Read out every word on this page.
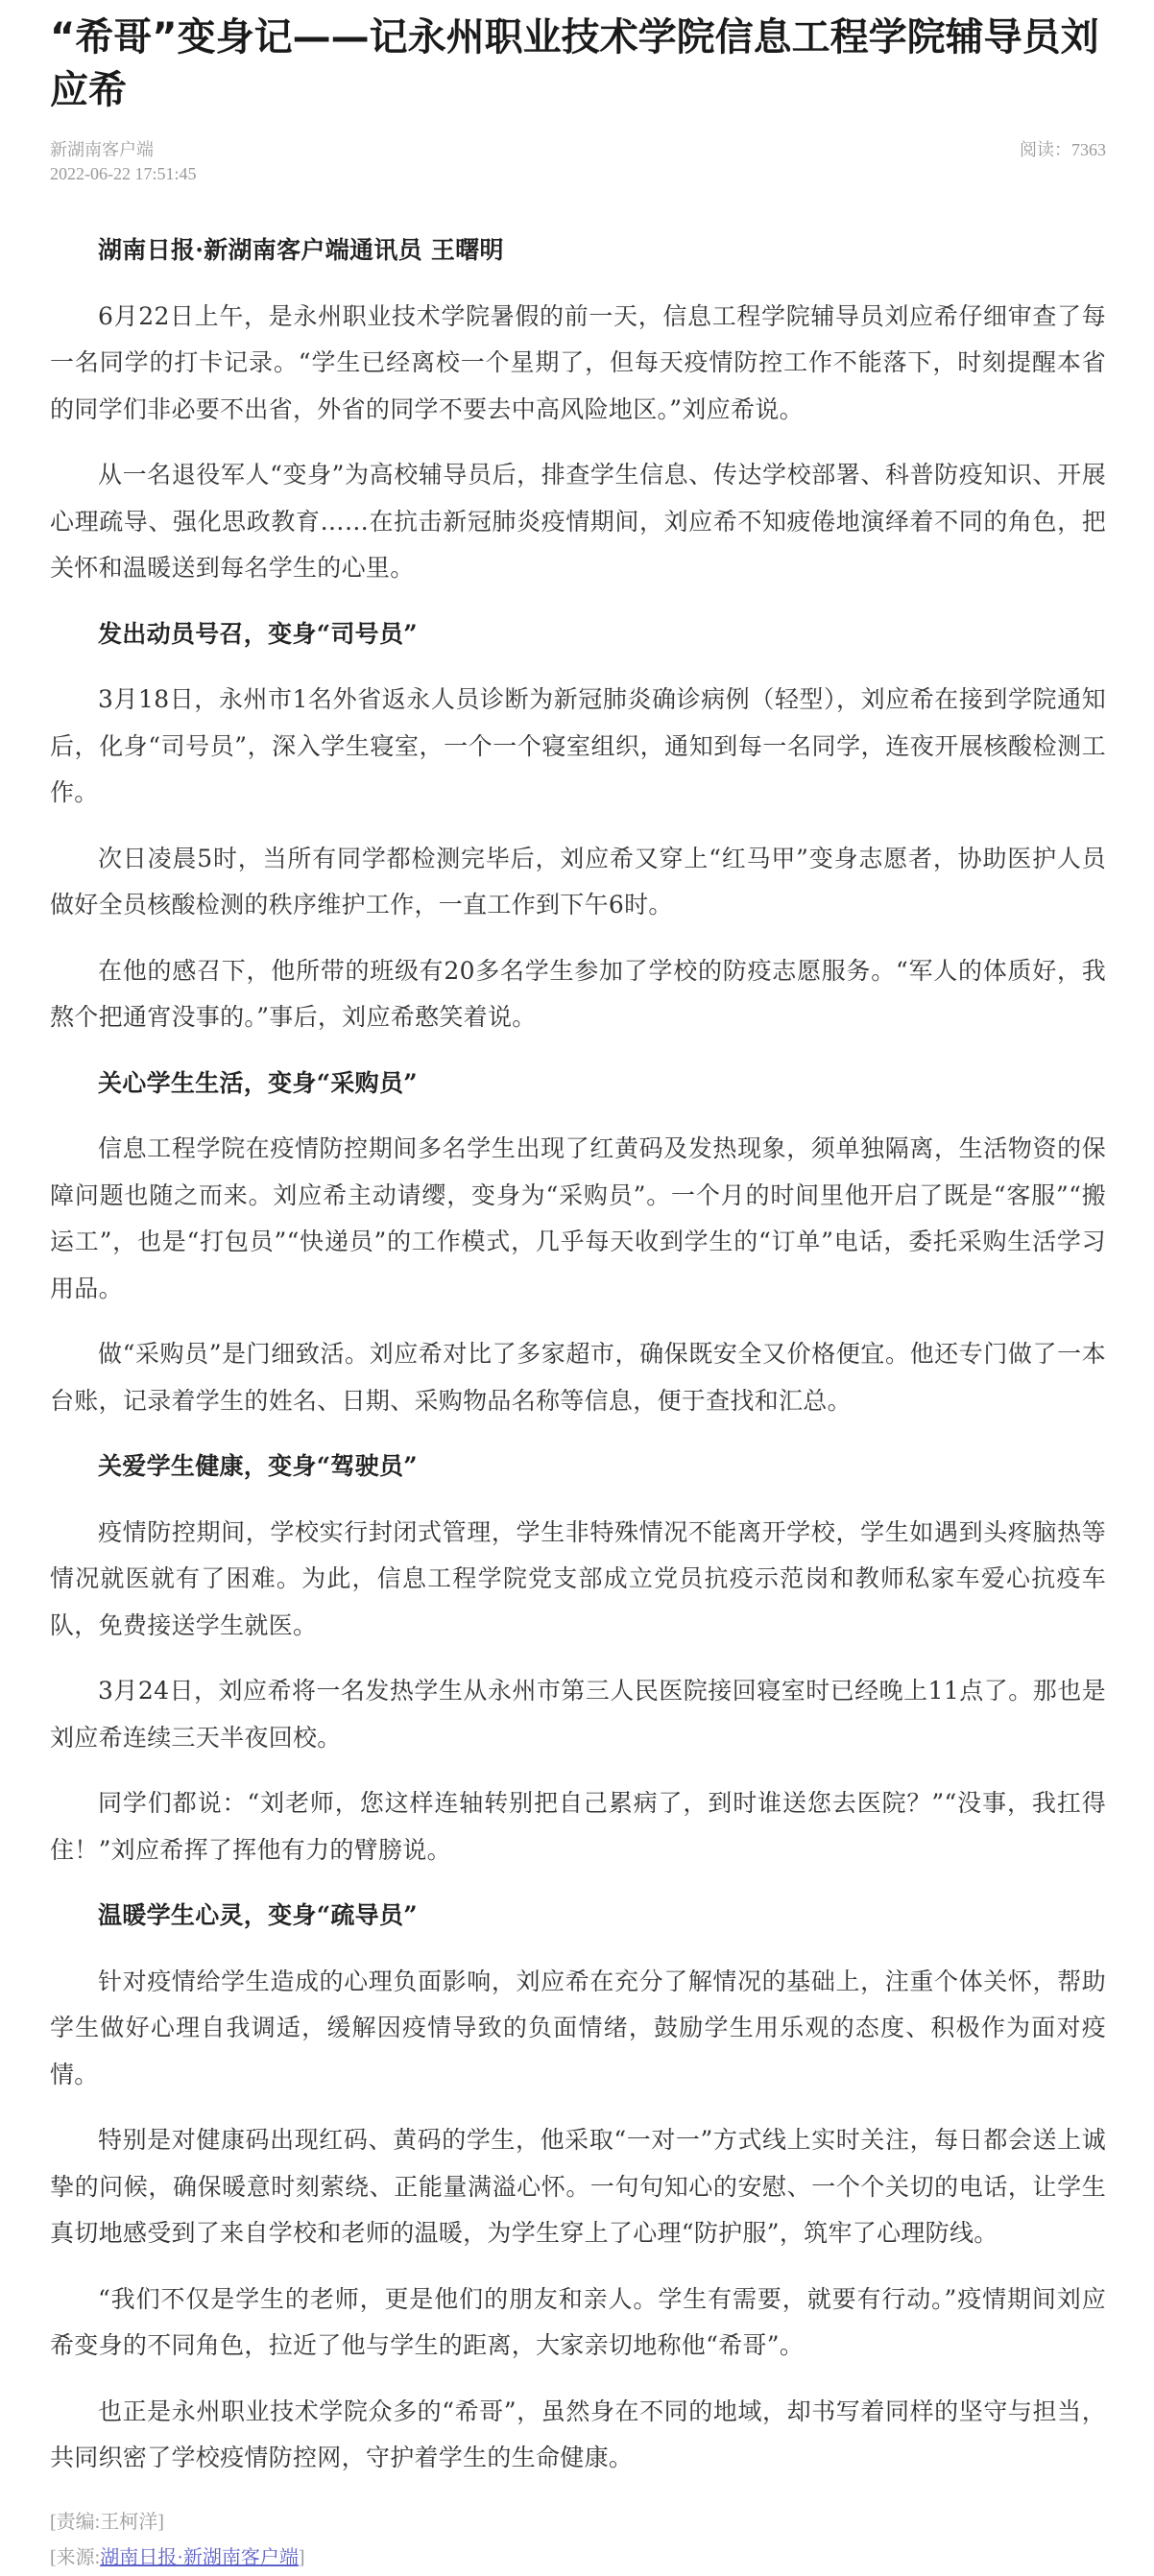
“希哥”变身记——记永州职业技术学院信息工程学院辅导员刘应希
新湖南客户端
2022-06-22 17:51:45
阅读：7363

湖南日报·新湖南客户端通讯员 王曙明

6月22日上午，是永州职业技术学院暑假的前一天，信息工程学院辅导员刘应希仔细审查了每一名同学的打卡记录。“学生已经离校一个星期了，但每天疫情防控工作不能落下，时刻提醒本省的同学们非必要不出省，外省的同学不要去中高风险地区。”刘应希说。

从一名退役军人“变身”为高校辅导员后，排查学生信息、传达学校部署、科普防疫知识、开展心理疏导、强化思政教育……在抗击新冠肺炎疫情期间，刘应希不知疲倦地演绎着不同的角色，把关怀和温暖送到每名学生的心里。

发出动员号召，变身“司号员”

3月18日，永州市1名外省返永人员诊断为新冠肺炎确诊病例（轻型），刘应希在接到学院通知后，化身“司号员”，深入学生寝室，一个一个寝室组织，通知到每一名同学，连夜开展核酸检测工作。

次日凌晨5时，当所有同学都检测完毕后，刘应希又穿上“红马甲”变身志愿者，协助医护人员做好全员核酸检测的秩序维护工作，一直工作到下午6时。

在他的感召下，他所带的班级有20多名学生参加了学校的防疫志愿服务。“军人的体质好，我熬个把通宵没事的。”事后，刘应希憨笑着说。

关心学生生活，变身“采购员”

信息工程学院在疫情防控期间多名学生出现了红黄码及发热现象，须单独隔离，生活物资的保障问题也随之而来。刘应希主动请缨，变身为“采购员”。一个月的时间里他开启了既是“客服”“搬运工”，也是“打包员”“快递员”的工作模式，几乎每天收到学生的“订单”电话，委托采购生活学习用品。

做“采购员”是门细致活。刘应希对比了多家超市，确保既安全又价格便宜。他还专门做了一本台账，记录着学生的姓名、日期、采购物品名称等信息，便于查找和汇总。

关爱学生健康，变身“驾驶员”

疫情防控期间，学校实行封闭式管理，学生非特殊情况不能离开学校，学生如遇到头疼脑热等情况就医就有了困难。为此，信息工程学院党支部成立党员抗疫示范岗和教师私家车爱心抗疫车队，免费接送学生就医。

3月24日，刘应希将一名发热学生从永州市第三人民医院接回寝室时已经晚上11点了。那也是刘应希连续三天半夜回校。

同学们都说：“刘老师，您这样连轴转别把自己累病了，到时谁送您去医院？”“没事，我扛得住！”刘应希挥了挥他有力的臂膀说。

温暖学生心灵，变身“疏导员”

针对疫情给学生造成的心理负面影响，刘应希在充分了解情况的基础上，注重个体关怀，帮助学生做好心理自我调适，缓解因疫情导致的负面情绪，鼓励学生用乐观的态度、积极作为面对疫情。

特别是对健康码出现红码、黄码的学生，他采取“一对一”方式线上实时关注，每日都会送上诚挚的问候，确保暖意时刻萦绕、正能量满溢心怀。一句句知心的安慰、一个个关切的电话，让学生真切地感受到了来自学校和老师的温暖，为学生穿上了心理“防护服”，筑牢了心理防线。

“我们不仅是学生的老师，更是他们的朋友和亲人。学生有需要，就要有行动。”疫情期间刘应希变身的不同角色，拉近了他与学生的距离，大家亲切地称他“希哥”。

也正是永州职业技术学院众多的“希哥”，虽然身在不同的地域，却书写着同样的坚守与担当，共同织密了学校疫情防控网，守护着学生的生命健康。

[责编:王柯洋]
[来源:湖南日报·新湖南客户端]
